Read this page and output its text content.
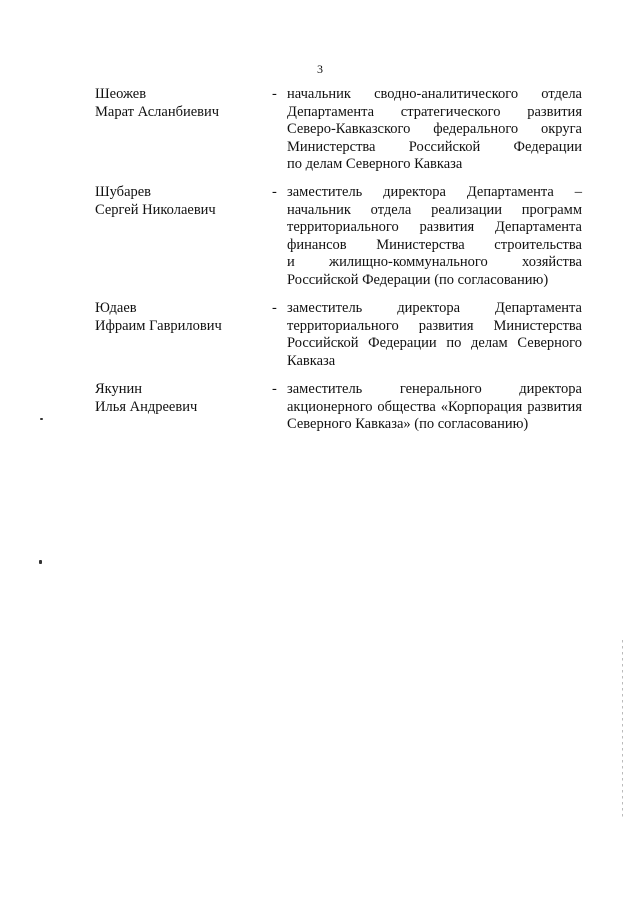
3
Шеожев
Марат Асланбиевич
- начальник сводно-аналитического отдела
Департамента стратегического развития
Северо-Кавказского федерального округа
Министерства Российской Федерации
по делам Северного Кавказа
Шубарев
Сергей Николаевич
- заместитель директора Департамента –
начальник отдела реализации программ
территориального развития Департамента
финансов Министерства строительства
и жилищно-коммунального хозяйства
Российской Федерации (по согласованию)
Юдаев
Ифраим Гаврилович
- заместитель директора Департамента
территориального развития Министерства
Российской Федерации по делам Северного
Кавказа
Якунин
Илья Андреевич
- заместитель генерального директора
акционерного общества «Корпорация развития
Северного Кавказа» (по согласованию)
